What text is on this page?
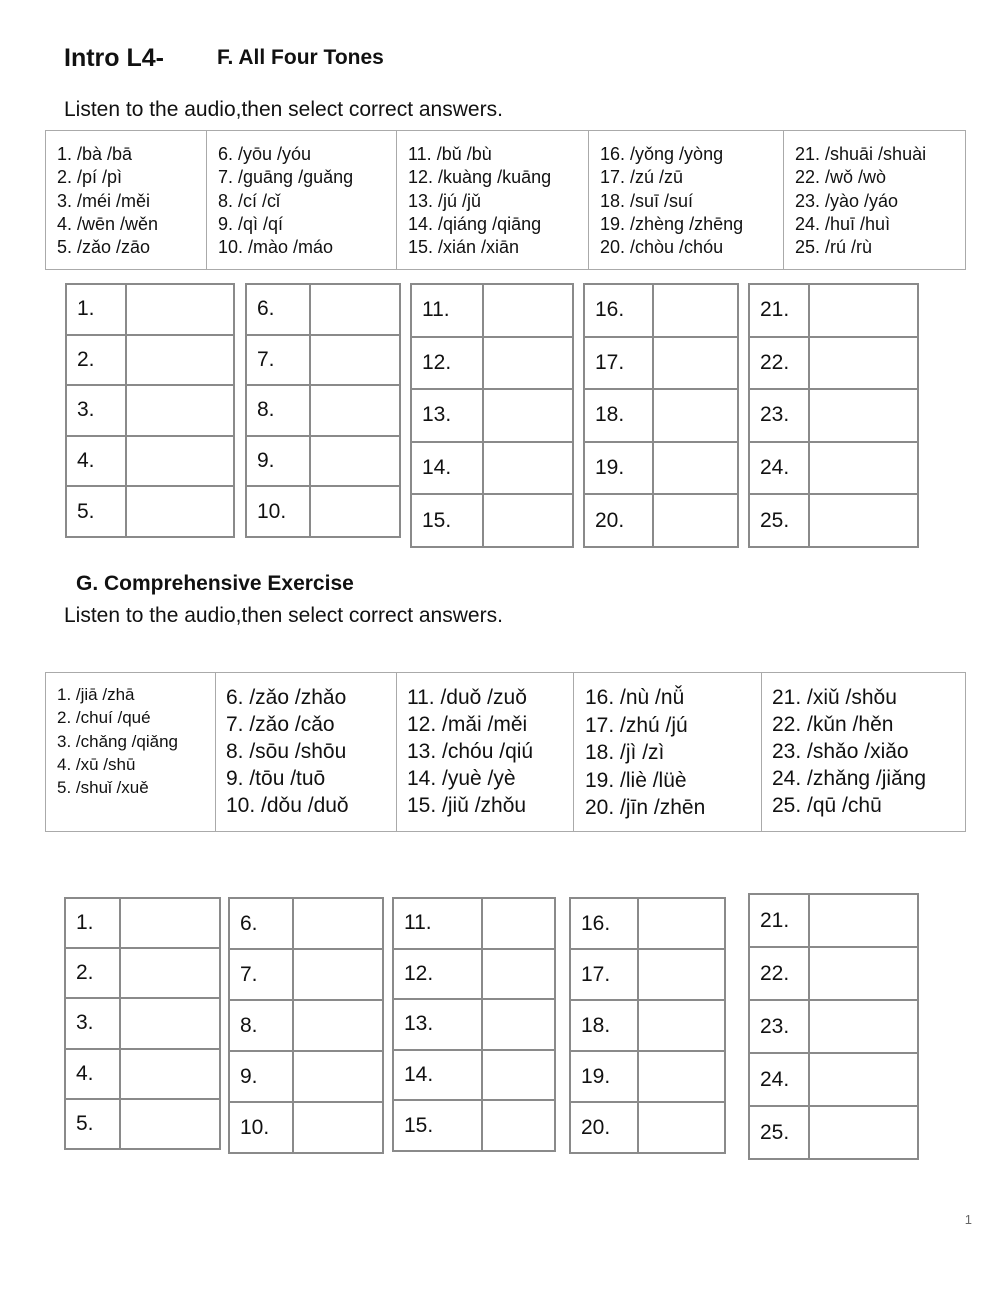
Intro L4-	F. All Four Tones
Listen to the audio,then select correct answers.
1. /bà /bā
2. /pí /pì
3. /méi /měi
4. /wēn /wěn
5. /zǎo /zāo

6. /yōu /yóu
7. /guāng /guǎng
8. /cí /cǐ
9. /qì /qí
10. /mào /máo

11. /bǔ /bù
12. /kuàng /kuāng
13. /jú /jǔ
14. /qiáng /qiāng
15. /xián /xiān

16. /yǒng /yòng
17. /zú /zū
18. /suī /suí
19. /zhèng /zhēng
20. /chòu /chóu

21. /shuāi /shuài
22. /wǒ /wò
23. /yào /yáo
24. /huī /huì
25. /rú /rù
1.	
2.	
3.	
4.	
5.	
6.	
7.	
8.	
9.	
10.	
11.	
12.	
13.	
14.	
15.	
16.	
17.	
18.	
19.	
20.	
21.	
22.	
23.	
24.	
25.	
G. Comprehensive Exercise
Listen to the audio,then select correct answers.
1. /jiā /zhā
2. /chuí /qué
3. /chǎng /qiǎng
4. /xū /shū
5. /shuǐ /xuě

6. /zǎo /zhǎo
7. /zǎo /cǎo
8. /sōu /shōu
9. /tōu /tuō
10. /dǒu /duǒ

11. /duǒ /zuǒ
12. /mǎi /měi
13. /chóu /qiú
14. /yuè /yè
15. /jiǔ /zhǒu

16. /nù /nǚ
17. /zhú /jú
18. /jì /zì
19. /liè /lüè
20. /jīn /zhēn

21. /xiǔ /shǒu
22. /kǔn /hěn
23. /shǎo /xiǎo
24. /zhǎng /jiǎng
25. /qū /chū
1.	
2.	
3.	
4.	
5.	
6.	
7.	
8.	
9.	
10.	
11.	
12.	
13.	
14.	
15.	
16.	
17.	
18.	
19.	
20.	
21.	
22.	
23.	
24.	
25.	
1
